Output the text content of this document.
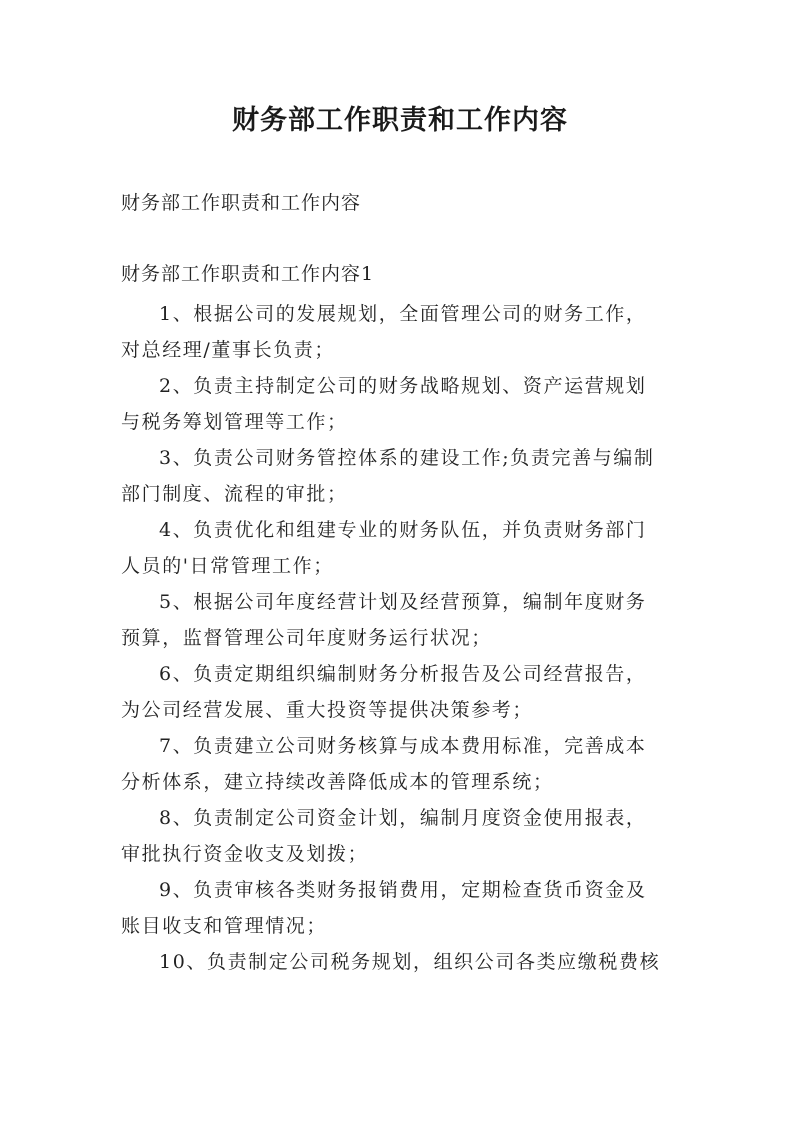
财务部工作职责和工作内容
财务部工作职责和工作内容
财务部工作职责和工作内容1

1、根据公司的发展规划，全面管理公司的财务工作，
对总经理/董事长负责；

2、负责主持制定公司的财务战略规划、资产运营规划
与税务筹划管理等工作；

3、负责公司财务管控体系的建设工作;负责完善与编制
部门制度、流程的审批；

4、负责优化和组建专业的财务队伍，并负责财务部门
人员的'日常管理工作；

5、根据公司年度经营计划及经营预算，编制年度财务
预算，监督管理公司年度财务运行状况；

6、负责定期组织编制财务分析报告及公司经营报告，
为公司经营发展、重大投资等提供决策参考；

7、负责建立公司财务核算与成本费用标准，完善成本
分析体系，建立持续改善降低成本的管理系统；

8、负责制定公司资金计划，编制月度资金使用报表，
审批执行资金收支及划拨；

9、负责审核各类财务报销费用，定期检查货币资金及
账目收支和管理情况；

10、负责制定公司税务规划，组织公司各类应缴税费核
